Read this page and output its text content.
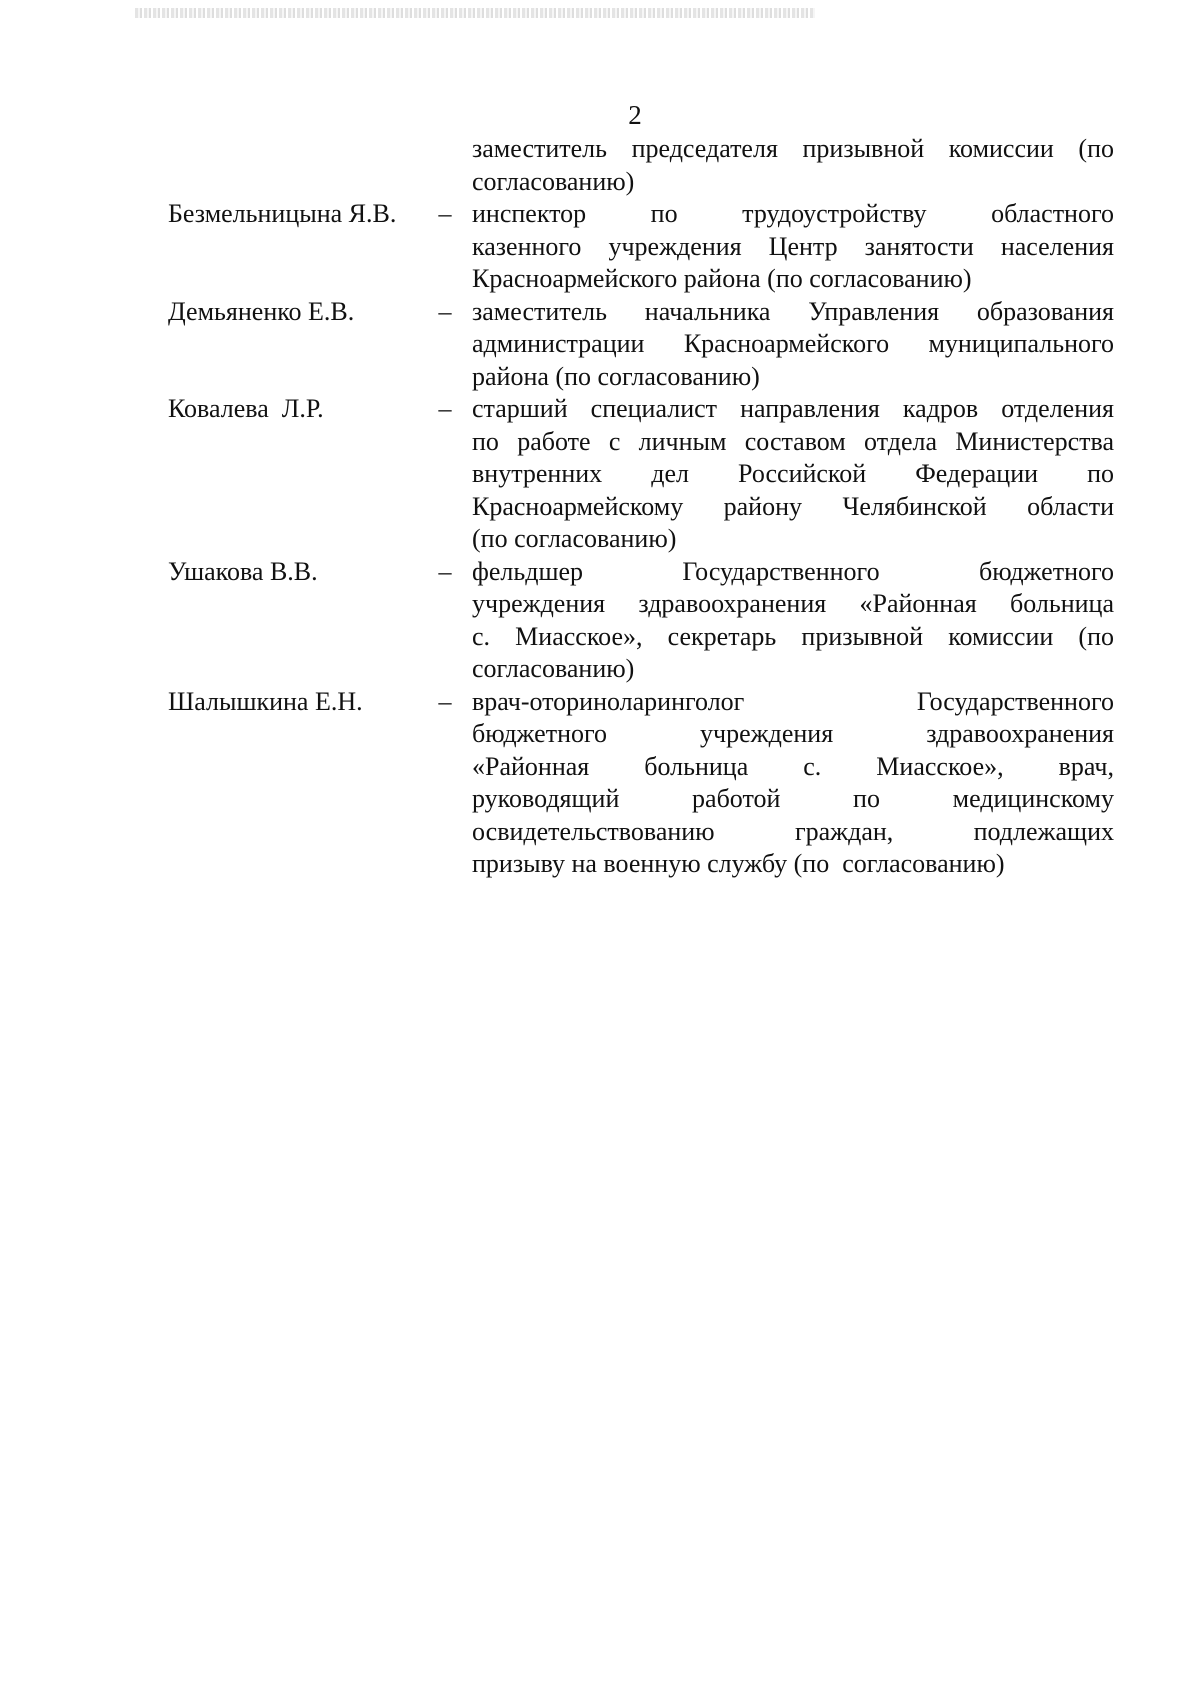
2
заместитель председателя призывной комиссии (по
согласованию)
Безмельницына Я.В.	– инспектор по трудоустройству областного
казенного учреждения Центр занятости населения
Красноармейского района (по согласованию)
Демьяненко Е.В.	– заместитель начальника Управления образования
администрации Красноармейского муниципального
района (по согласованию)
Ковалева  Л.Р.	– старший специалист направления кадров отделения
по работе с личным составом отдела Министерства
внутренних дел Российской Федерации по
Красноармейскому району Челябинской области
(по согласованию)
Ушакова В.В.	– фельдшер Государственного бюджетного
учреждения здравоохранения «Районная больница
с. Миасское», секретарь призывной комиссии (по
согласованию)
Шалышкина Е.Н.	– врач-оториноларинголог Государственного
бюджетного учреждения здравоохранения
«Районная больница с. Миасское», врач,
руководящий работой по медицинскому
освидетельствованию граждан, подлежащих
призыву на военную службу (по  согласованию)
